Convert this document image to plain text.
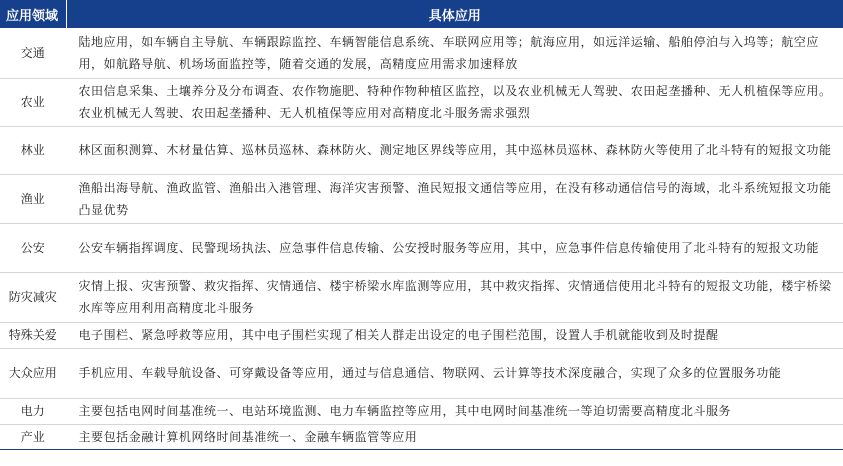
应用领域	具体应用
交通	陆地应用，如车辆自主导航、车辆跟踪监控、车辆智能信息系统、车联网应用等；航海应用，如远洋运输、船舶停泊与入坞等；航空应用，如航路导航、机场场面监控等，随着交通的发展，高精度应用需求加速释放
农业	农田信息采集、土壤养分及分布调查、农作物施肥、特种作物种植区监控，以及农业机械无人驾驶、农田起垄播种、无人机植保等应用。农业机械无人驾驶、农田起垄播种、无人机植保等应用对高精度北斗服务需求强烈
林业	林区面积测算、木材量估算、巡林员巡林、森林防火、测定地区界线等应用，其中巡林员巡林、森林防火等使用了北斗特有的短报文功能
渔业	渔船出海导航、渔政监管、渔船出入港管理、海洋灾害预警、渔民短报文通信等应用，在没有移动通信信号的海域，北斗系统短报文功能凸显优势
公安	公安车辆指挥调度、民警现场执法、应急事件信息传输、公安授时服务等应用，其中，应急事件信息传输使用了北斗特有的短报文功能
防灾减灾	灾情上报、灾害预警、救灾指挥、灾情通信、楼宇桥梁水库监测等应用，其中救灾指挥、灾情通信使用北斗特有的短报文功能，楼宇桥梁水库等应用利用高精度北斗服务
特殊关爱	电子围栏、紧急呼救等应用，其中电子围栏实现了相关人群走出设定的电子围栏范围，设置人手机就能收到及时提醒
大众应用	手机应用、车载导航设备、可穿戴设备等应用，通过与信息通信、物联网、云计算等技术深度融合，实现了众多的位置服务功能
电力	主要包括电网时间基准统一、电站环境监测、电力车辆监控等应用，其中电网时间基准统一等迫切需要高精度北斗服务
产业	主要包括金融计算机网络时间基准统一、金融车辆监管等应用
